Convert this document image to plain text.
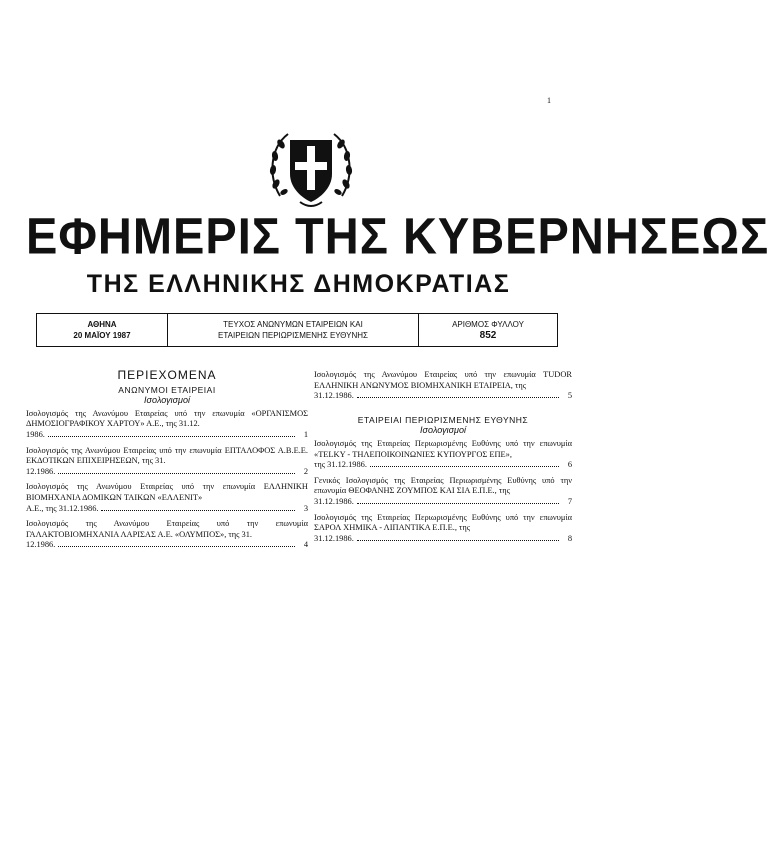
1
ΕΦΗΜΕΡΙΣ ΤΗΣ ΚΥΒΕΡΝΗΣΕΩΣ
ΤΗΣ ΕΛΛΗΝΙΚΗΣ ΔΗΜΟΚΡΑΤΙΑΣ
ΑΘΗΝΑ
20 ΜΑΪΟΥ 1987
ΤΕΥΧΟΣ ΑΝΩΝΥΜΩΝ ΕΤΑΙΡΕΙΩΝ ΚΑΙ
ΕΤΑΙΡΕΙΩΝ ΠΕΡΙΩΡΙΣΜΕΝΗΣ ΕΥΘΥΝΗΣ
ΑΡΙΘΜΟΣ ΦΥΛΛΟΥ
852
ΠΕΡΙΕΧΟΜΕΝΑ
ΑΝΩΝΥΜΟΙ ΕΤΑΙΡΕΙΑΙ
Ισολογισμοί
Ισολογισμός της Ανωνύμου Εταιρείας υπό την επωνυμία «ΟΡΓΑΝΙΣΜΟΣ ΔΗΜΟΣΙΟΓΡΑΦΙΚΟΥ ΧΑΡΤΟΥ» Α.Ε., της 31.12.
1986.	1
Ισολογισμός της Ανωνύμου Εταιρείας υπό την επωνυμία ΕΠΤΑΛΟΦΟΣ Α.Β.Ε.Ε. ΕΚΔΟΤΙΚΩΝ ΕΠΙΧΕΙΡΗΣΕΩΝ, της 31.
12.1986.	2
Ισολογισμός της Ανωνύμου Εταιρείας υπό την επωνυμία ΕΛΛΗΝΙΚΗ ΒΙΟΜΗΧΑΝΙΑ ΔΟΜΙΚΩΝ ΤΑΙΚΩΝ «ΕΛΛΕΝΙΤ»
Α.Ε., της 31.12.1986.	3
Ισολογισμός της Ανωνύμου Εταιρείας υπό την επωνυμία ΓΑΛΑΚΤΟΒΙΟΜΗΧΑΝΙΑ ΛΑΡΙΣΑΣ Α.Ε. «ΟΛΥΜΠΟΣ», της 31.
12.1986.	4
Ισολογισμός της Ανωνύμου Εταιρείας υπό την επωνυμία TUDOR ΕΛΛΗΝΙΚΗ ΑΝΩΝΥΜΟΣ ΒΙΟΜΗΧΑΝΙΚΗ ΕΤΑΙΡΕΙΑ, της
31.12.1986.	5
ΕΤΑΙΡΕΙΑΙ ΠΕΡΙΩΡΙΣΜΕΝΗΣ ΕΥΘΥΝΗΣ
Ισολογισμοί
Ισολογισμός της Εταιρείας Περιωρισμένης Ευθύνης υπό την επωνυμία «TELKY - ΤΗΛΕΠΟΙΚΟΙΝΩΝΙΕΣ ΚΥΠΟΥΡΓΟΣ ΕΠΕ»,
της 31.12.1986.	6
Γενικός Ισολογισμός της Εταιρείας Περιωρισμένης Ευθύνης υπό την επωνυμία ΘΕΟΦΑΝΗΣ ΖΟΥΜΠΟΣ ΚΑΙ ΣΙΑ Ε.Π.Ε., της
31.12.1986.	7
Ισολογισμός της Εταιρείας Περιωρισμένης Ευθύνης υπό την επωνυμία ΣΑΡΟΛ ΧΗΜΙΚΑ - ΛΙΠΑΝΤΙΚΑ Ε.Π.Ε., της
31.12.1986.	8
